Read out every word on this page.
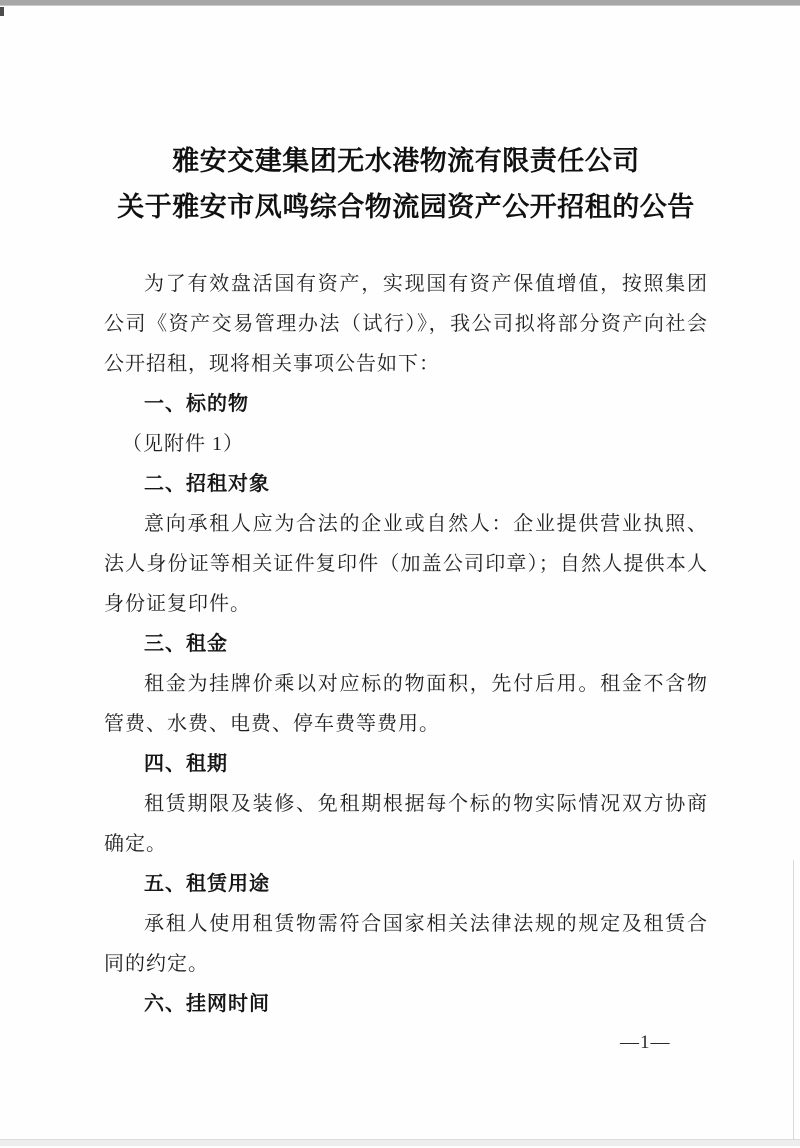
雅安交建集团无水港物流有限责任公司
关于雅安市凤鸣综合物流园资产公开招租的公告

为了有效盘活国有资产，实现国有资产保值增值，按照集团公司《资产交易管理办法（试行）》，我公司拟将部分资产向社会公开招租，现将相关事项公告如下：

一、标的物

（见附件 1）

二、招租对象

意向承租人应为合法的企业或自然人：企业提供营业执照、法人身份证等相关证件复印件（加盖公司印章）；自然人提供本人身份证复印件。

三、租金

租金为挂牌价乘以对应标的物面积，先付后用。租金不含物管费、水费、电费、停车费等费用。

四、租期

租赁期限及装修、免租期根据每个标的物实际情况双方协商确定。

五、租赁用途

承租人使用租赁物需符合国家相关法律法规的规定及租赁合同的约定。

六、挂网时间

—1—
